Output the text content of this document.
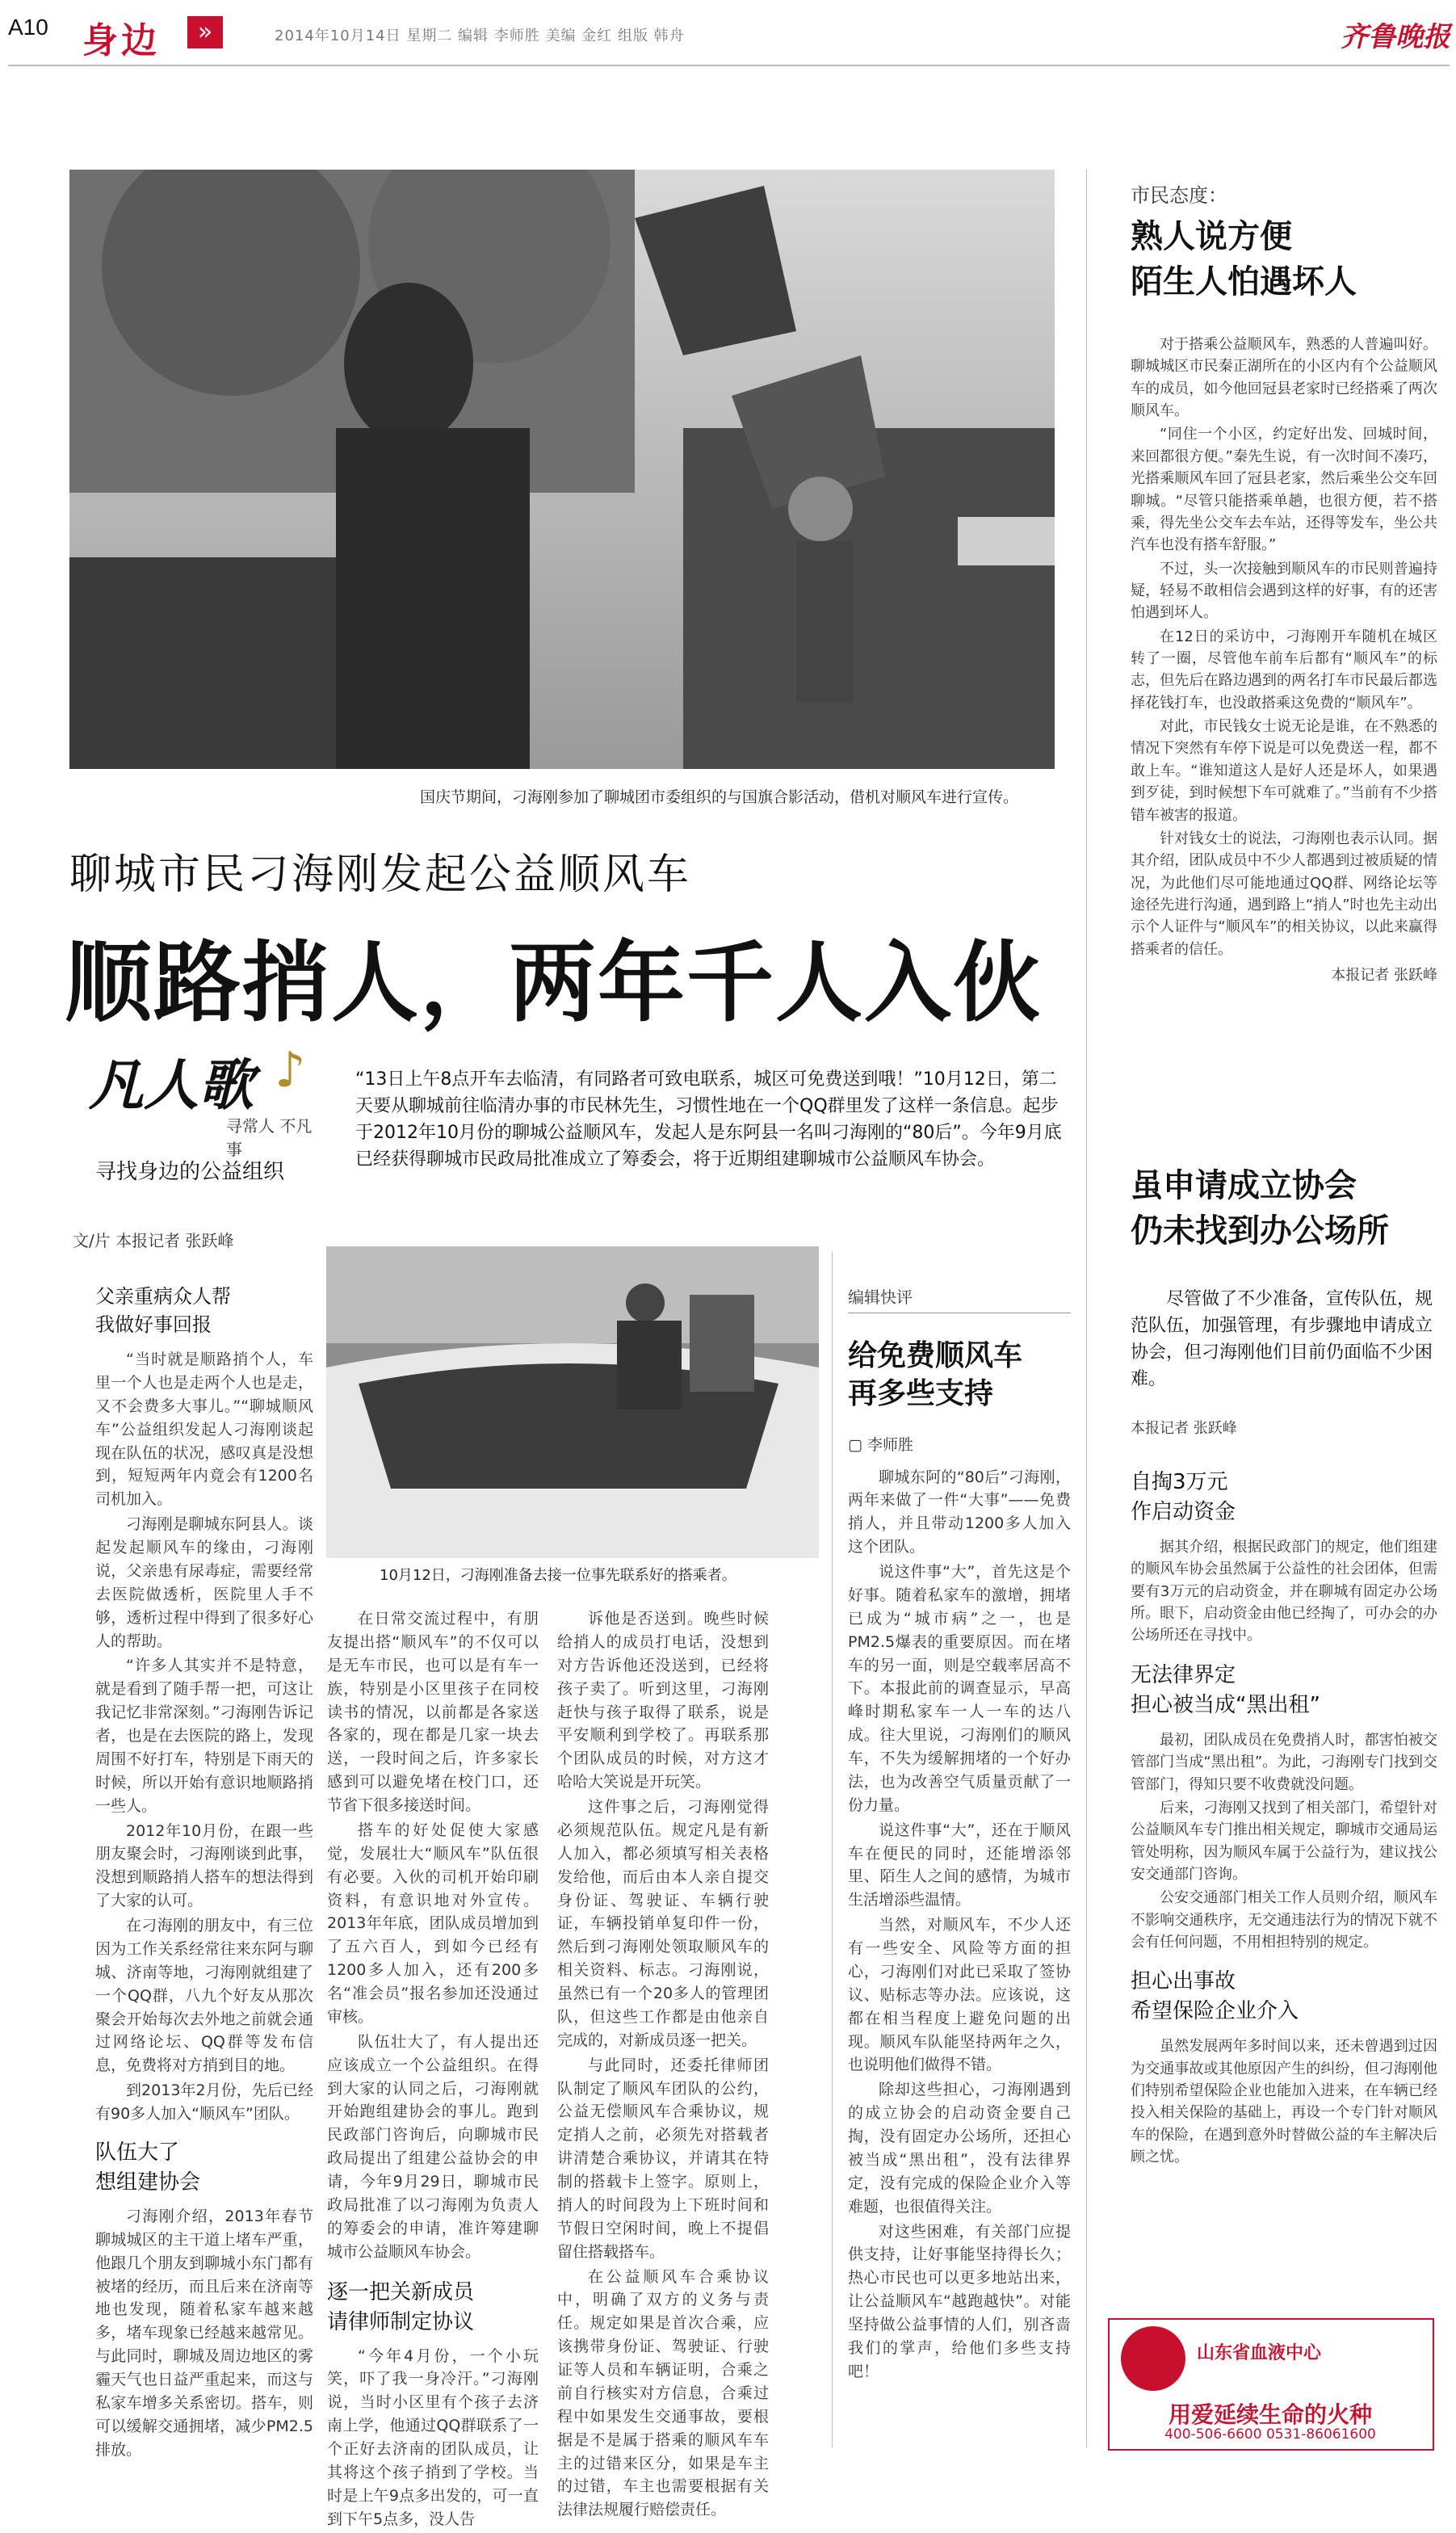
A10 身边	»	2014年10月14日 星期二 编辑 李师胜 美编 金红 组版 韩舟	齐鲁晚报
国庆节期间，刁海刚参加了聊城团市委组织的与国旗合影活动，借机对顺风车进行宣传。
聊城市民刁海刚发起公益顺风车
顺路捎人，两年千人入伙
凡人歌
寻常人 不凡事
♪
寻找身边的公益组织
“13日上午8点开车去临清，有同路者可致电联系，城区可免费送到哦！”10月12日，第二天要从聊城前往临清办事的市民林先生，习惯性地在一个QQ群里发了这样一条信息。起步于2012年10月份的聊城公益顺风车，发起人是东阿县一名叫刁海刚的“80后”。今年9月底已经获得聊城市民政局批准成立了筹委会，将于近期组建聊城市公益顺风车协会。
文/片 本报记者 张跃峰
父亲重病众人帮
我做好事回报

“当时就是顺路捎个人，车里一个人也是走两个人也是走，又不会费多大事儿。”“聊城顺风车”公益组织发起人刁海刚谈起现在队伍的状况，感叹真是没想到，短短两年内竟会有1200名司机加入。

刁海刚是聊城东阿县人。谈起发起顺风车的缘由，刁海刚说，父亲患有尿毒症，需要经常去医院做透析，医院里人手不够，透析过程中得到了很多好心人的帮助。

“许多人其实并不是特意，就是看到了随手帮一把，可这让我记忆非常深刻。”刁海刚告诉记者，也是在去医院的路上，发现周围不好打车，特别是下雨天的时候，所以开始有意识地顺路捎一些人。

2012年10月份，在跟一些朋友聚会时，刁海刚谈到此事，没想到顺路捎人搭车的想法得到了大家的认可。

在刁海刚的朋友中，有三位因为工作关系经常往来东阿与聊城、济南等地，刁海刚就组建了一个QQ群，八九个好友从那次聚会开始每次去外地之前就会通过网络论坛、QQ群等发布信息，免费将对方捎到目的地。

到2013年2月份，先后已经有90多人加入“顺风车”团队。

队伍大了
想组建协会

刁海刚介绍，2013年春节聊城城区的主干道上堵车严重，他跟几个朋友到聊城小东门都有被堵的经历，而且后来在济南等地也发现，随着私家车越来越多，堵车现象已经越来越常见。与此同时，聊城及周边地区的雾霾天气也日益严重起来，而这与私家车增多关系密切。搭车，则可以缓解交通拥堵，减少PM2.5排放。

10月12日，刁海刚准备去接一位事先联系好的搭乘者。

在日常交流过程中，有朋友提出搭“顺风车”的不仅可以是无车市民，也可以是有车一族，特别是小区里孩子在同校读书的情况，以前都是各家送各家的，现在都是几家一块去送，一段时间之后，许多家长感到可以避免堵在校门口，还节省下很多接送时间。

搭车的好处促使大家感觉，发展壮大“顺风车”队伍很有必要。入伙的司机开始印刷资料，有意识地对外宣传。2013年年底，团队成员增加到了五六百人，到如今已经有1200多人加入，还有200多名“准会员”报名参加还没通过审核。

队伍壮大了，有人提出还应该成立一个公益组织。在得到大家的认同之后，刁海刚就开始跑组建协会的事儿。跑到民政部门咨询后，向聊城市民政局提出了组建公益协会的申请，今年9月29日，聊城市民政局批准了以刁海刚为负责人的筹委会的申请，准许筹建聊城市公益顺风车协会。

逐一把关新成员
请律师制定协议

“今年4月份，一个小玩笑，吓了我一身冷汗。”刁海刚说，当时小区里有个孩子去济南上学，他通过QQ群联系了一个正好去济南的团队成员，让其将这个孩子捎到了学校。当时是上午9点多出发的，可一直到下午5点多，没人告

诉他是否送到。晚些时候给捎人的成员打电话，没想到对方告诉他还没送到，已经将孩子卖了。听到这里，刁海刚赶快与孩子取得了联系，说是平安顺利到学校了。再联系那个团队成员的时候，对方这才哈哈大笑说是开玩笑。

这件事之后，刁海刚觉得必须规范队伍。规定凡是有新人加入，都必须填写相关表格发给他，而后由本人亲自提交身份证、驾驶证、车辆行驶证，车辆投销单复印件一份，然后到刁海刚处领取顺风车的相关资料、标志。刁海刚说，虽然已有一个20多人的管理团队，但这些工作都是由他亲自完成的，对新成员逐一把关。

与此同时，还委托律师团队制定了顺风车团队的公约，公益无偿顺风车合乘协议，规定捎人之前，必须先对搭载者讲清楚合乘协议，并请其在特制的搭载卡上签字。原则上，捎人的时间段为上下班时间和节假日空闲时间，晚上不提倡留住搭载搭车。

在公益顺风车合乘协议中，明确了双方的义务与责任。规定如果是首次合乘，应该携带身份证、驾驶证、行驶证等人员和车辆证明，合乘之前自行核实对方信息，合乘过程中如果发生交通事故，要根据是不是属于搭乘的顺风车车主的过错来区分，如果是车主的过错，车主也需要根据有关法律法规履行赔偿责任。

编辑快评
给免费顺风车
再多些支持
▢ 李师胜

聊城东阿的“80后”刁海刚，两年来做了一件“大事”——免费捎人，并且带动1200多人加入这个团队。

说这件事“大”，首先这是个好事。随着私家车的激增，拥堵已成为“城市病”之一，也是PM2.5爆表的重要原因。而在堵车的另一面，则是空载率居高不下。本报此前的调查显示，早高峰时期私家车一人一车的达八成。往大里说，刁海刚们的顺风车，不失为缓解拥堵的一个好办法，也为改善空气质量贡献了一份力量。

说这件事“大”，还在于顺风车在便民的同时，还能增添邻里、陌生人之间的感情，为城市生活增添些温情。

当然，对顺风车，不少人还有一些安全、风险等方面的担心，刁海刚们对此已采取了签协议、贴标志等办法。应该说，这都在相当程度上避免问题的出现。顺风车队能坚持两年之久，也说明他们做得不错。

除却这些担心，刁海刚遇到的成立协会的启动资金要自己掏，没有固定办公场所，还担心被当成“黑出租”，没有法律界定，没有完成的保险企业介入等难题，也很值得关注。

对这些困难，有关部门应提供支持，让好事能坚持得长久；热心市民也可以更多地站出来，让公益顺风车“越跑越快”。对能坚持做公益事情的人们，别吝啬我们的掌声，给他们多些支持吧！

市民态度：
熟人说方便
陌生人怕遇坏人

对于搭乘公益顺风车，熟悉的人普遍叫好。聊城城区市民秦正湖所在的小区内有个公益顺风车的成员，如今他回冠县老家时已经搭乘了两次顺风车。

“同住一个小区，约定好出发、回城时间，来回都很方便。”秦先生说，有一次时间不凑巧，光搭乘顺风车回了冠县老家，然后乘坐公交车回聊城。“尽管只能搭乘单趟，也很方便，若不搭乘，得先坐公交车去车站，还得等发车，坐公共汽车也没有搭车舒服。”

不过，头一次接触到顺风车的市民则普遍持疑，轻易不敢相信会遇到这样的好事，有的还害怕遇到坏人。

在12日的采访中，刁海刚开车随机在城区转了一圈，尽管他车前车后都有“顺风车”的标志，但先后在路边遇到的两名打车市民最后都选择花钱打车，也没敢搭乘这免费的“顺风车”。

对此，市民钱女士说无论是谁，在不熟悉的情况下突然有车停下说是可以免费送一程，都不敢上车。“谁知道这人是好人还是坏人，如果遇到歹徒，到时候想下车可就难了。”当前有不少搭错车被害的报道。

针对钱女士的说法，刁海刚也表示认同。据其介绍，团队成员中不少人都遇到过被质疑的情况，为此他们尽可能地通过QQ群、网络论坛等途径先进行沟通，遇到路上“捎人”时也先主动出示个人证件与“顺风车”的相关协议，以此来赢得搭乘者的信任。

本报记者 张跃峰
虽申请成立协会
仍未找到办公场所
尽管做了不少准备，宣传队伍，规范队伍，加强管理，有步骤地申请成立协会，但刁海刚他们目前仍面临不少困难。
本报记者 张跃峰
自掏3万元
作启动资金

据其介绍，根据民政部门的规定，他们组建的顺风车协会虽然属于公益性的社会团体，但需要有3万元的启动资金，并在聊城有固定办公场所。眼下，启动资金由他已经掏了，可办会的办公场所还在寻找中。

无法律界定
担心被当成“黑出租”

最初，团队成员在免费捎人时，都害怕被交管部门当成“黑出租”。为此，刁海刚专门找到交管部门，得知只要不收费就没问题。

后来，刁海刚又找到了相关部门，希望针对公益顺风车专门推出相关规定，聊城市交通局运管处明称，因为顺风车属于公益行为，建议找公安交通部门咨询。

公安交通部门相关工作人员则介绍，顺风车不影响交通秩序，无交通违法行为的情况下就不会有任何问题，不用相担特别的规定。

担心出事故
希望保险企业介入

虽然发展两年多时间以来，还未曾遇到过因为交通事故或其他原因产生的纠纷，但刁海刚他们特别希望保险企业也能加入进来，在车辆已经投入相关保险的基础上，再设一个专门针对顺风车的保险，在遇到意外时替做公益的车主解决后顾之忧。

山东省血液中心
用爱延续生命的火种
400-506-6600 0531-86061600
